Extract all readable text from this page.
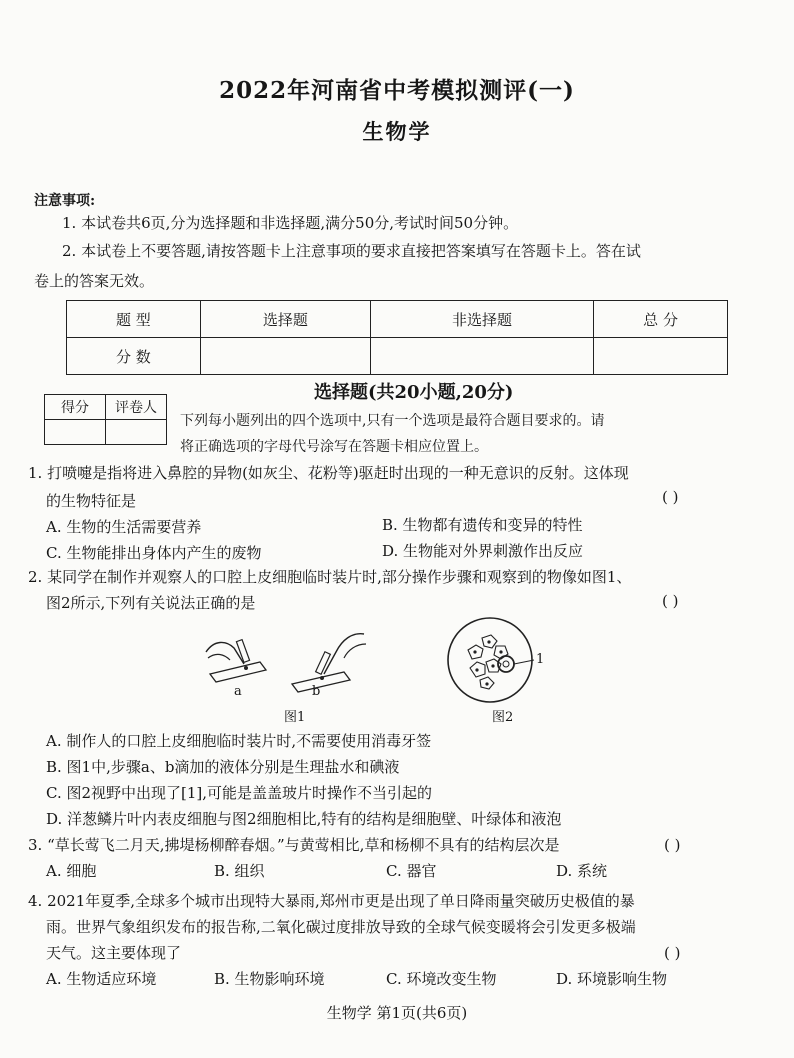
2022年河南省中考模拟测评(一)
生物学
注意事项:
1. 本试卷共6页,分为选择题和非选择题,满分50分,考试时间50分钟。
2. 本试卷上不要答题,请按答题卡上注意事项的要求直接把答案填写在答题卡上。答在试
卷上的答案无效。
题 型	选择题	非选择题	总 分
分 数			
选择题(共20小题,20分)
得分	评卷人

下列每小题列出的四个选项中,只有一个选项是最符合题目要求的。请
将正确选项的字母代号涂写在答题卡相应位置上。
1. 打喷嚏是指将进入鼻腔的异物(如灰尘、花粉等)驱赶时出现的一种无意识的反射。这体现
的生物特征是	( )
A. 生物的生活需要营养	B. 生物都有遗传和变异的特性
C. 生物能排出身体内产生的废物	D. 生物能对外界刺激作出反应
2. 某同学在制作并观察人的口腔上皮细胞临时装片时,部分操作步骤和观察到的物像如图1、
图2所示,下列有关说法正确的是	( )
a	b
图1
1
图2
A. 制作人的口腔上皮细胞临时装片时,不需要使用消毒牙签
B. 图1中,步骤a、b滴加的液体分别是生理盐水和碘液
C. 图2视野中出现了[1],可能是盖盖玻片时操作不当引起的
D. 洋葱鳞片叶内表皮细胞与图2细胞相比,特有的结构是细胞壁、叶绿体和液泡
3. “草长莺飞二月天,拂堤杨柳醉春烟。”与黄莺相比,草和杨柳不具有的结构层次是	( )
A. 细胞	B. 组织	C. 器官	D. 系统
4. 2021年夏季,全球多个城市出现特大暴雨,郑州市更是出现了单日降雨量突破历史极值的暴
雨。世界气象组织发布的报告称,二氧化碳过度排放导致的全球气候变暖将会引发更多极端
天气。这主要体现了	( )
A. 生物适应环境	B. 生物影响环境	C. 环境改变生物	D. 环境影响生物
生物学 第1页(共6页)
